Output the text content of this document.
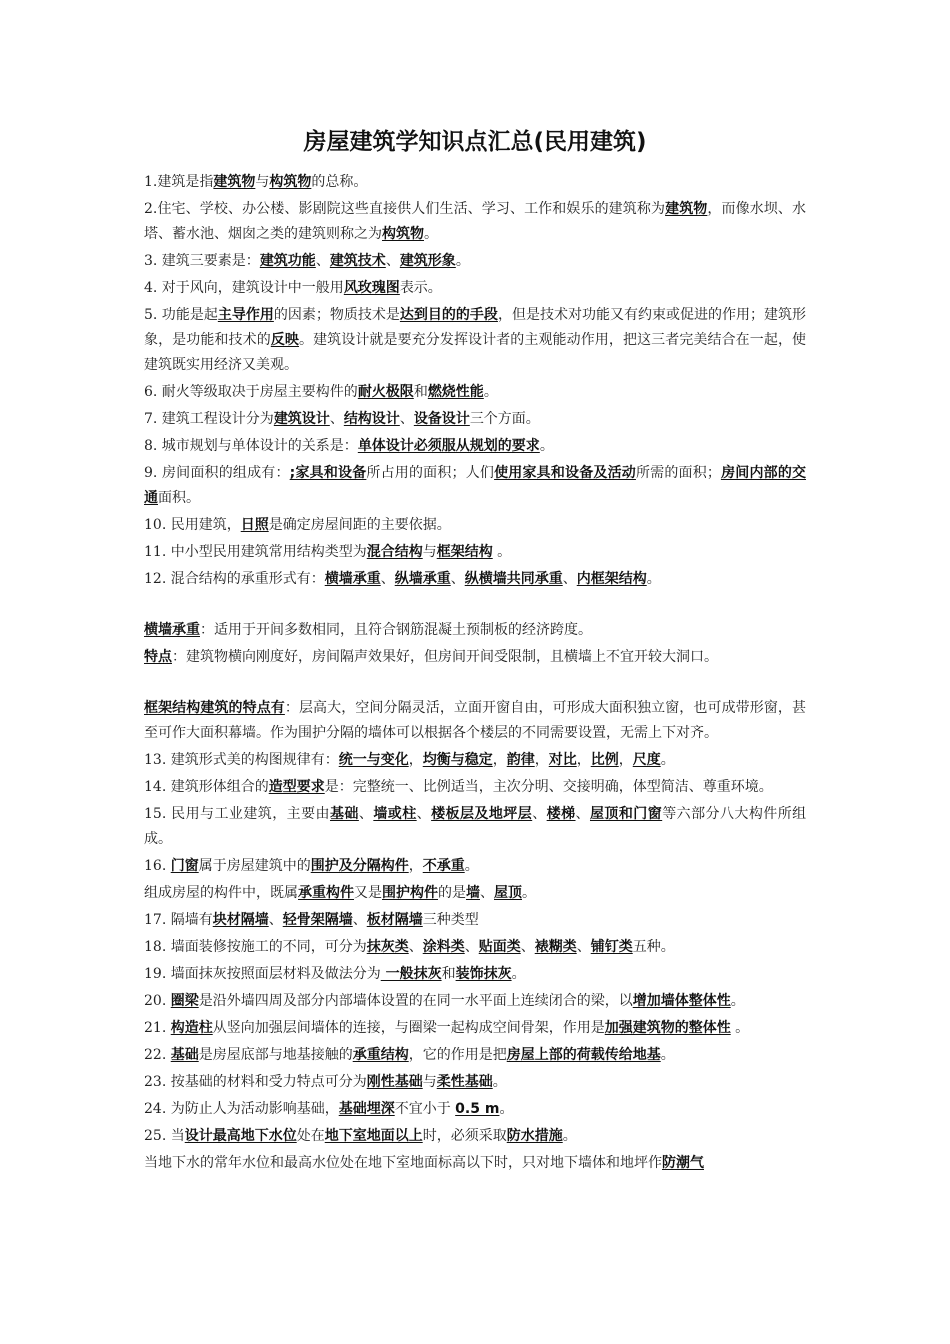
房屋建筑学知识点汇总(民用建筑)

1.建筑是指建筑物与构筑物的总称。

2.住宅、学校、办公楼、影剧院这些直接供人们生活、学习、工作和娱乐的建筑称为建筑物，而像水坝、水塔、蓄水池、烟囱之类的建筑则称之为构筑物。

3. 建筑三要素是：建筑功能、建筑技术、建筑形象。

4. 对于风向，建筑设计中一般用风玫瑰图表示。

5. 功能是起主导作用的因素；物质技术是达到目的的手段，但是技术对功能又有约束或促进的作用；建筑形象，是功能和技术的反映。建筑设计就是要充分发挥设计者的主观能动作用，把这三者完美结合在一起，使建筑既实用经济又美观。

6. 耐火等级取决于房屋主要构件的耐火极限和燃烧性能。

7. 建筑工程设计分为建筑设计、结构设计、设备设计三个方面。

8. 城市规划与单体设计的关系是：单体设计必须服从规划的要求。

9. 房间面积的组成有：;家具和设备所占用的面积；人们使用家具和设备及活动所需的面积；房间内部的交通面积。

10. 民用建筑，日照是确定房屋间距的主要依据。

11. 中小型民用建筑常用结构类型为混合结构与框架结构 。

12. 混合结构的承重形式有：横墙承重、纵墙承重、纵横墙共同承重、内框架结构。

横墙承重：适用于开间多数相同，且符合钢筋混凝土预制板的经济跨度。

特点：建筑物横向刚度好，房间隔声效果好，但房间开间受限制，且横墙上不宜开较大洞口。

框架结构建筑的特点有：层高大，空间分隔灵活，立面开窗自由，可形成大面积独立窗，也可成带形窗，甚至可作大面积幕墙。作为围护分隔的墙体可以根据各个楼层的不同需要设置，无需上下对齐。

13. 建筑形式美的构图规律有：统一与变化，均衡与稳定，韵律，对比，比例，尺度。

14. 建筑形体组合的造型要求是：完整统一、比例适当，主次分明、交接明确，体型简洁、尊重环境。

15. 民用与工业建筑，主要由基础、墙或柱、楼板层及地坪层、楼梯、屋顶和门窗等六部分八大构件所组成。

16. 门窗属于房屋建筑中的围护及分隔构件，不承重。

组成房屋的构件中，既属承重构件又是围护构件的是墙、屋顶。

17. 隔墙有块材隔墙、轻骨架隔墙、板材隔墙三种类型

18. 墙面装修按施工的不同，可分为抹灰类、涂料类、贴面类、裱糊类、铺钉类五种。

19. 墙面抹灰按照面层材料及做法分为 一般抹灰和装饰抹灰。

20. 圈梁是沿外墙四周及部分内部墙体设置的在同一水平面上连续闭合的梁，以增加墙体整体性。

21. 构造柱从竖向加强层间墙体的连接，与圈梁一起构成空间骨架，作用是加强建筑物的整体性 。

22. 基础是房屋底部与地基接触的承重结构，它的作用是把房屋上部的荷载传给地基。

23. 按基础的材料和受力特点可分为刚性基础与柔性基础。

24. 为防止人为活动影响基础，基础埋深不宜小于 0.5 m。

25. 当设计最高地下水位处在地下室地面以上时，必须采取防水措施。

当地下水的常年水位和最高水位处在地下室地面标高以下时，只对地下墙体和地坪作防潮气
